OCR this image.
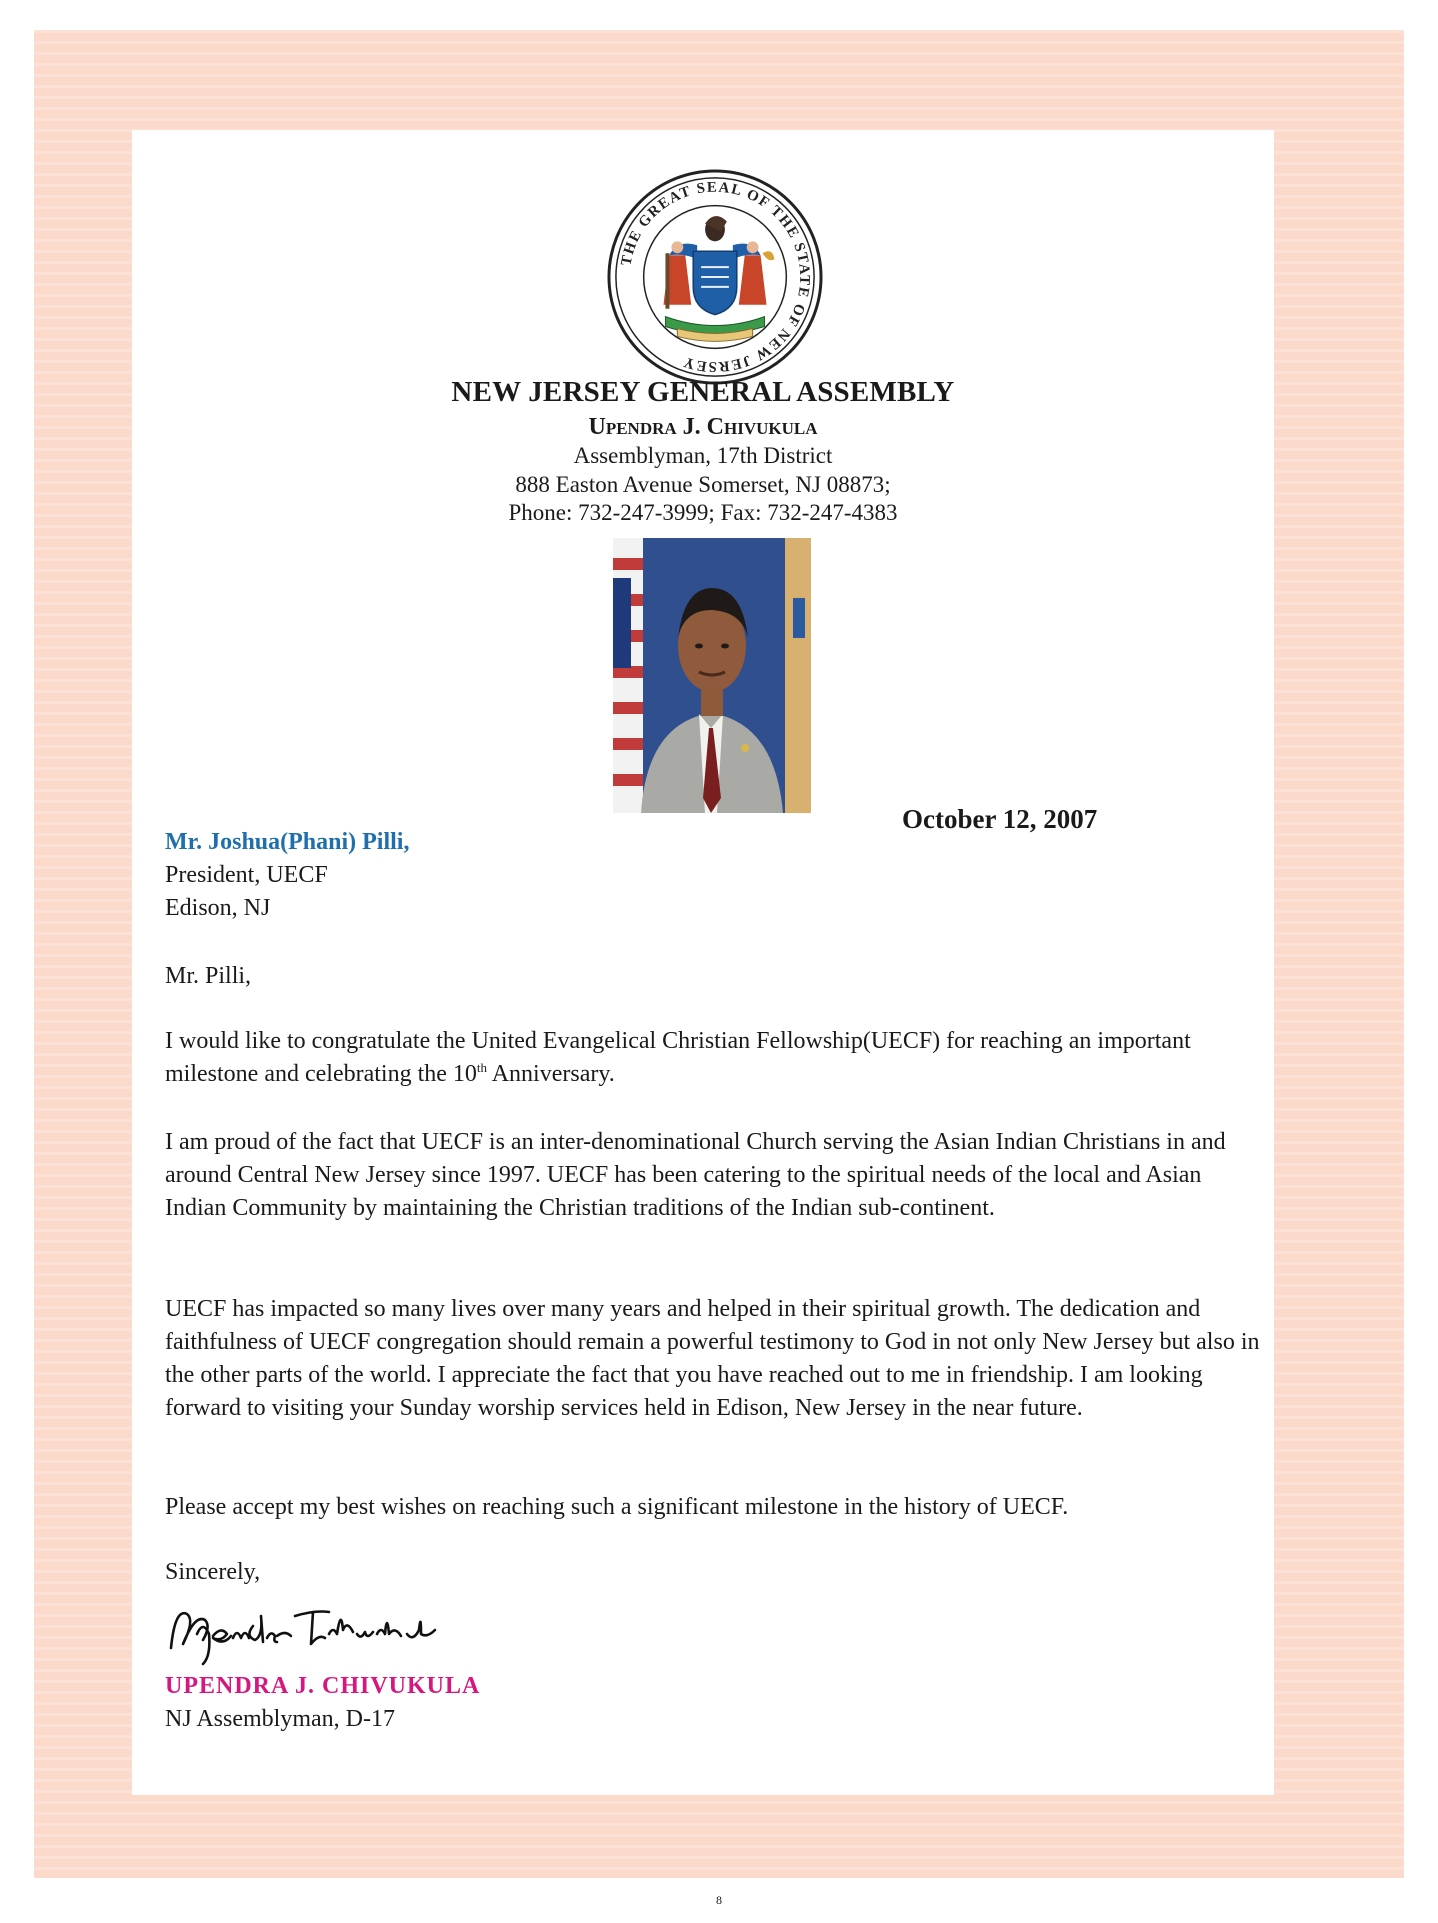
THE GREAT SEAL OF THE STATE OF NEW JERSEY

NEW JERSEY GENERAL ASSEMBLY

Upendra J. Chivukula

Assemblyman, 17th District

888 Easton Avenue Somerset, NJ 08873;

Phone: 732-247-3999; Fax: 732-247-4383

October 12, 2007

Mr. Joshua(Phani) Pilli,

President, UECF

Edison, NJ

Mr. Pilli,

I would like to congratulate the United Evangelical Christian Fellowship(UECF) for reaching an important milestone and celebrating the 10th Anniversary.

I am proud of the fact that UECF is an inter-denominational Church serving the Asian Indian Christians in and around Central New Jersey since 1997. UECF has been catering to the spiritual needs of the local and Asian Indian Community by maintaining the Christian traditions of the Indian sub-continent.

UECF has impacted so many lives over many years and helped in their spiritual growth. The dedication and faithfulness of UECF congregation should remain a powerful testimony to God in not only New Jersey but also in the other parts of the world. I appreciate the fact that you have reached out to me in friendship. I am looking forward to visiting your Sunday worship services held in Edison, New Jersey in the near future.

Please accept my best wishes on reaching such a significant milestone in the history of UECF.

Sincerely,

UPENDRA J. CHIVUKULA

NJ Assemblyman, D-17

8
